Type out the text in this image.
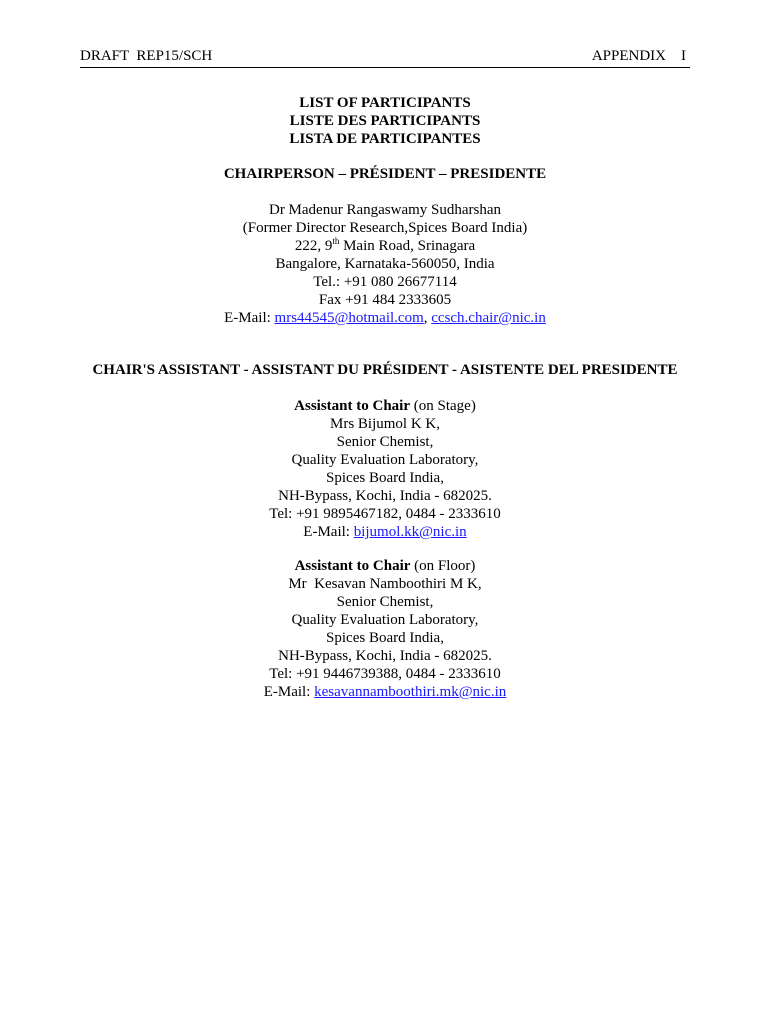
DRAFT  REP15/SCH	APPENDIX    I
LIST OF PARTICIPANTS
LISTE DES PARTICIPANTS
LISTA DE PARTICIPANTES
CHAIRPERSON – PRÉSIDENT – PRESIDENTE
Dr Madenur Rangaswamy Sudharshan
(Former Director Research,Spices Board India)
222, 9th Main Road, Srinagara
Bangalore, Karnataka-560050, India
Tel.: +91 080 26677114
Fax +91 484 2333605
E-Mail: mrs44545@hotmail.com, ccsch.chair@nic.in
CHAIR'S ASSISTANT - ASSISTANT DU PRÉSIDENT - ASISTENTE DEL PRESIDENTE
Assistant to Chair (on Stage)
Mrs Bijumol K K,
Senior Chemist,
Quality Evaluation Laboratory,
Spices Board India,
NH-Bypass, Kochi, India - 682025.
Tel: +91 9895467182, 0484 - 2333610
E-Mail: bijumol.kk@nic.in
Assistant to Chair (on Floor)
Mr  Kesavan Namboothiri M K,
Senior Chemist,
Quality Evaluation Laboratory,
Spices Board India,
NH-Bypass, Kochi, India - 682025.
Tel: +91 9446739388, 0484 - 2333610
E-Mail: kesavannamboothiri.mk@nic.in
